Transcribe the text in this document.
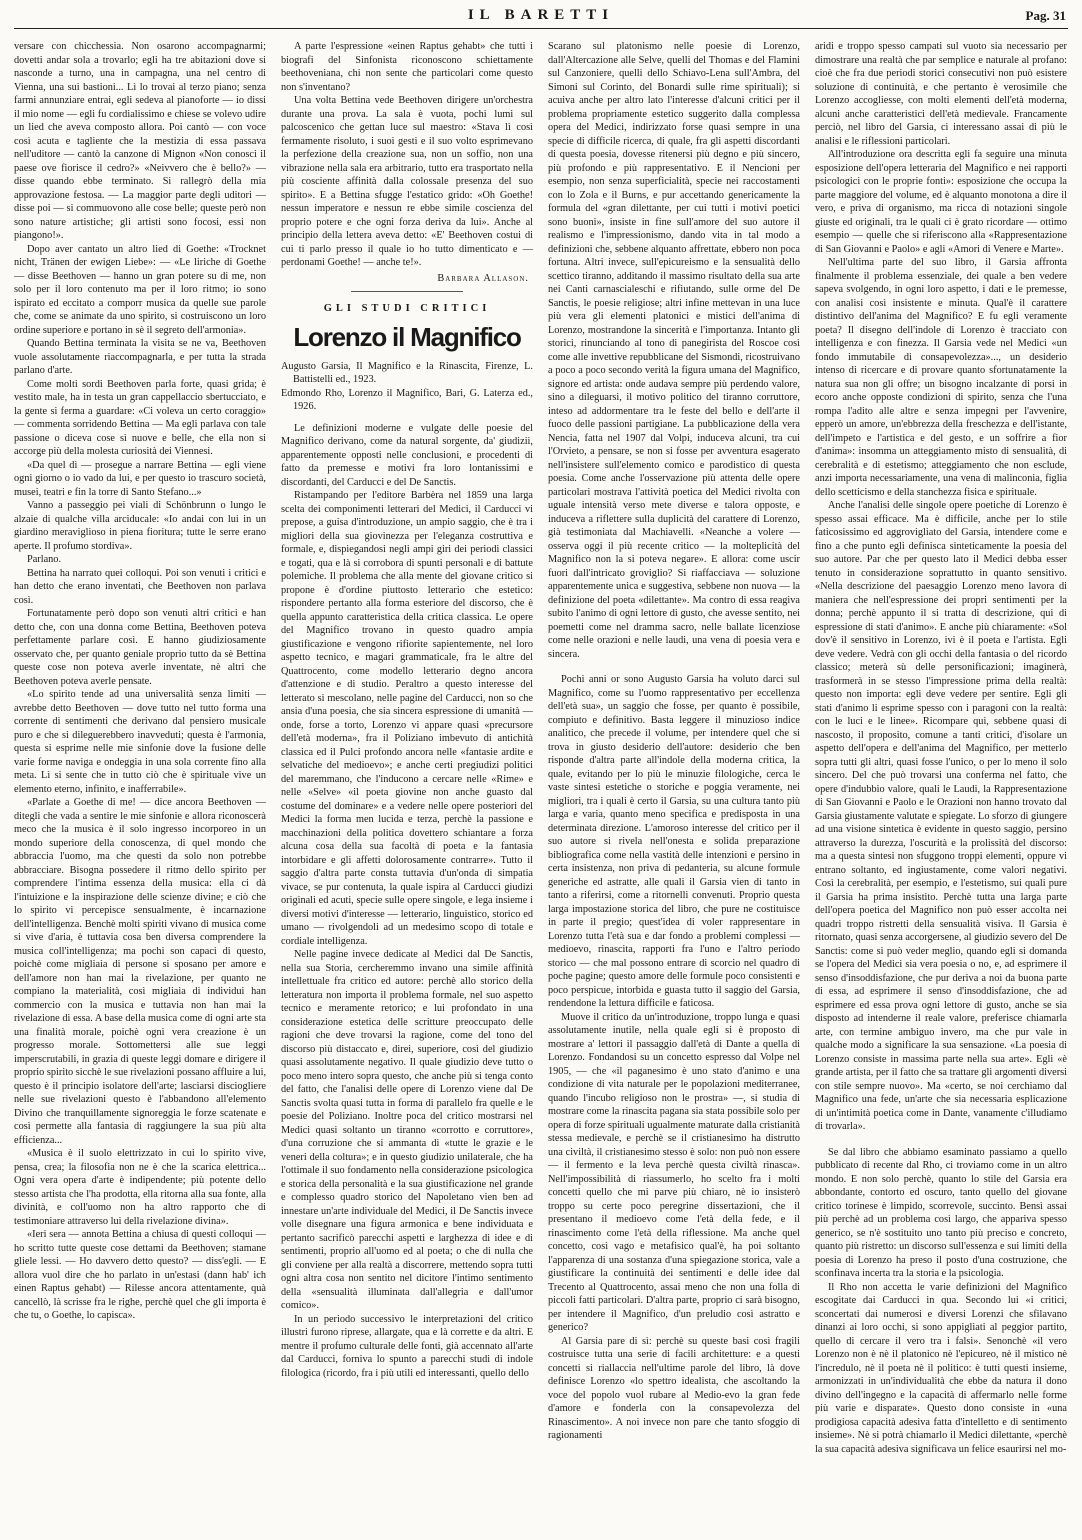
IL BARETTI	Pag. 31

versare con chicchessia. Non osarono accompagnarmi; dovetti andar sola a trovarlo; egli ha tre abitazioni dove si nasconde a turno, una in campagna, una nel centro di Vienna, una sui bastioni... Lì lo trovai al terzo piano; senza farmi annunziare entrai, egli sedeva al pianoforte — io dissi il mio nome — egli fu cordialissimo e chiese se volevo udire un lied che aveva composto allora. Poi cantò — con voce così acuta e tagliente che la mestizia di essa passava nell'uditore — cantò la canzone di Mignon «Non conosci il paese ove fiorisce il cedro?» «Neivvero che è bello?» — disse quando ebbe terminato. Si rallegrò della mia approvazione festosa. — La maggior parte degli uditori — disse poi — si commuovono alle cose belle; queste però non sono nature artistiche; gli artisti sono focosi, essi non piangono!».

Dopo aver cantato un altro lied di Goethe: «Trocknet nicht, Tränen der ewigen Liebe»: — «Le liriche di Goethe — disse Beethoven — hanno un gran potere su di me, non solo per il loro contenuto ma per il loro ritmo; io sono ispirato ed eccitato a comporr musica da quelle sue parole che, come se animate da uno spirito, si costruiscono un loro ordine superiore e portano in sè il segreto dell'armonia».

Quando Bettina terminata la visita se ne va, Beethoven vuole assolutamente riaccompagnarla, e per tutta la strada parlano d'arte.

Come molti sordi Beethoven parla forte, quasi grida; è vestito male, ha in testa un gran cappellaccio sbertucciato, e la gente si ferma a guardare: «Ci voleva un certo coraggio» — commenta sorridendo Bettina — Ma egli parlava con tale passione o diceva cose sì nuove e belle, che ella non si accorge più della molesta curiosità dei Viennesi.

«Da quel dì — prosegue a narrare Bettina — egli viene ogni giorno o io vado da lui, e per questo io trascuro società, musei, teatri e fin la torre di Santo Stefano...»

Vanno a passeggio pei viali di Schönbrunn o lungo le alzaie di qualche villa arciducale: «Io andai con lui in un giardino meraviglioso in piena fioritura; tutte le serre erano aperte. Il profumo stordiva».

Parlano.

Bettina ha narrato quei colloqui. Poi son venuti i critici e han detto che erano inventati, che Beethoven non parlava così.

Fortunatamente però dopo son venuti altri critici e han detto che, con una donna come Bettina, Beethoven poteva perfettamente parlare così. E hanno giudiziosamente osservato che, per quanto geniale proprio tutto da sè Bettina queste cose non poteva averle inventate, nè altri che Beethoven poteva averle pensate.

«Lo spirito tende ad una universalità senza limiti — avrebbe detto Beethoven — dove tutto nel tutto forma una corrente di sentimenti che derivano dal pensiero musicale puro e che si dileguerebbero inavveduti; questa è l'armonia, questa si esprime nelle mie sinfonie dove la fusione delle varie forme naviga e ondeggia in una sola corrente fino alla meta. Lì si sente che in tutto ciò che è spirituale vive un elemento eterno, infinito, e inafferrabile».

«Parlate a Goethe di me! — dice ancora Beethoven — ditegli che vada a sentire le mie sinfonie e allora riconoscerà meco che la musica è il solo ingresso incorporeo in un mondo superiore della conoscenza, di quel mondo che abbraccia l'uomo, ma che questi da solo non potrebbe abbracciare. Bisogna possedere il ritmo dello spirito per comprendere l'intima essenza della musica: ella ci dà l'intuizione e la inspirazione delle scienze divine; e ciò che lo spirito vi percepisce sensualmente, è incarnazione dell'intelligenza. Benchè molti spiriti vivano di musica come si vive d'aria, è tuttavia cosa ben diversa comprendere la musica coll'intelligenza; ma pochi son capaci di questo, poichè come migliaia di persone si sposano per amore e dell'amore non han mai la rivelazione, per quanto ne compiano la materialità, così migliaia di individui han commercio con la musica e tuttavia non han mai la rivelazione di essa. A base della musica come di ogni arte sta una finalità morale, poichè ogni vera creazione è un progresso morale. Sottomettersi alle sue leggi imperscrutabili, in grazia di queste leggi domare e dirigere il proprio spirito sicchè le sue rivelazioni possano affluire a lui, questo è il principio isolatore dell'arte; lasciarsi disciogliere nelle sue rivelazioni questo è l'abbandono all'elemento Divino che tranquillamente signoreggia le forze scatenate e così permette alla fantasia di raggiungere la sua più alta efficienza...

«Musica è il suolo elettrizzato in cui lo spirito vive, pensa, crea; la filosofia non ne è che la scarica elettrica... Ogni vera opera d'arte è indipendente; più potente dello stesso artista che l'ha prodotta, ella ritorna alla sua fonte, alla divinità, e coll'uomo non ha altro rapporto che di testimoniare attraverso lui della rivelazione divina».

«Ieri sera — annota Bettina a chiusa di questi colloqui — ho scritto tutte queste cose dettami da Beethoven; stamane gliele lessi. — Ho davvero detto questo? — diss'egli. — E allora vuol dire che ho parlato in un'estasi (dann hab' ich einen Raptus gehabt) — Rilesse ancora attentamente, quà cancellò, là scrisse fra le righe, perchè quel che gli importa è che tu, o Goethe, lo capisca».

A parte l'espressione «einen Raptus gehabt» che tutti i biografi del Sinfonista riconoscono schiettamente beethoveniana, chi non sente che particolari come questo non s'inventano?

Una volta Bettina vede Beethoven dirigere un'orchestra durante una prova. La sala è vuota, pochi lumi sul palcoscenico che gettan luce sul maestro: «Stava lì così fermamente risoluto, i suoi gesti e il suo volto esprimevano la perfezione della creazione sua, non un soffio, non una vibrazione nella sala era arbitrario, tutto era trasportato nella più cosciente affinità dalla colossale presenza del suo spirito». E a Bettina sfugge l'estatico grido: «Oh Goethe! nessun imperatore e nessun re ebbe simile coscienza del proprio potere e che ogni forza deriva da lui». Anche al principio della lettera aveva detto: «E' Beethoven costui di cui ti parlo presso il quale io ho tutto dimenticato e — perdonami Goethe! — anche te!».

Barbara Allason.
GLI STUDI CRITICI
Lorenzo il Magnifico

Augusto Garsia, Il Magnifico e la Rinascita, Firenze, L. Battistelli ed., 1923.

Edmondo Rho, Lorenzo il Magnifico, Bari, G. Laterza ed., 1926.

Le definizioni moderne e vulgate delle poesie del Magnifico derivano, come da natural sorgente, da' giudizii, apparentemente opposti nelle conclusioni, e procedenti di fatto da premesse e motivi fra loro lontanissimi e discordanti, del Carducci e del De Sanctis.

Ristampando per l'editore Barbèra nel 1859 una larga scelta dei componimenti letterari del Medici, il Carducci vi prepose, a guisa d'introduzione, un ampio saggio, che è tra i migliori della sua giovinezza per l'eleganza costruttiva e formale, e, dispiegandosi negli ampi giri dei periodi classici e togati, qua e là si corrobora di spunti personali e di battute polemiche. Il problema che alla mente del giovane critico si propone è d'ordine piuttosto letterario che estetico: rispondere pertanto alla forma esteriore del discorso, che è quella appunto caratteristica della critica classica. Le opere del Magnifico trovano in questo quadro ampia giustificazione e vengono rifiorite sapientemente, nel loro aspetto tecnico, e magari grammaticale, fra le altre del Quattrocento, come modello letterario degno ancora d'attenzione e di studio. Peraltro a questo interesse del letterato si mescolano, nelle pagine del Carducci, non so che ansia d'una poesia, che sia sincera espressione di umanità — onde, forse a torto, Lorenzo vi appare quasi «precursore dell'età moderna», fra il Poliziano imbevuto di antichità classica ed il Pulci profondo ancora nelle «fantasie ardite e selvatiche del medioevo»; e anche certi pregiudizi politici del maremmano, che l'inducono a cercare nelle «Rime» e nelle «Selve» «il poeta giovine non anche guasto dal costume del dominare» e a vedere nelle opere posteriori del Medici la forma men lucida e terza, perchè la passione e macchinazioni della politica dovettero schiantare a forza alcuna cosa della sua facoltà di poeta e la fantasia intorbidare e gli affetti dolorosamente contrarre». Tutto il saggio d'altra parte consta tuttavia d'un'onda di simpatia vivace, se pur contenuta, la quale ispira al Carducci giudizi originali ed acuti, specie sulle opere singole, e lega insieme i diversi motivi d'interesse — letterario, linguistico, storico ed umano — rivolgendoli ad un medesimo scopo di totale e cordiale intelligenza.

Nelle pagine invece dedicate al Medici dal De Sanctis, nella sua Storia, cercheremmo invano una simile affinità intellettuale fra critico ed autore: perchè allo storico della letteratura non importa il problema formale, nel suo aspetto tecnico e meramente retorico; e lui profondato in una considerazione estetica delle scritture preoccupato delle ragioni che deve trovarsi la ragione, come del tono del discorso più distaccato e, direi, superiore, così del giudizio quasi assolutamente negativo. Il quale giudizio deve tutto o poco meno intero sopra questo, che anche più si tenga conto del fatto, che l'analisi delle opere di Lorenzo viene dal De Sanctis svolta quasi tutta in forma di parallelo fra quelle e le poesie del Poliziano. Inoltre poca del critico mostrarsi nel Medici quasi soltanto un tiranno «corrotto e corruttore», d'una corruzione che si ammanta di «tutte le grazie e le veneri della coltura»; e in questo giudizio unilaterale, che ha l'ottimale il suo fondamento nella considerazione psicologica e storica della personalità e la sua giustificazione nel grande e complesso quadro storico del Napoletano vien ben ad innestare un'arte individuale del Medici, il De Sanctis invece volle disegnare una figura armonica e bene individuata e pertanto sacrificò parecchi aspetti e larghezza di idee e di sentimenti, proprio all'uomo ed al poeta; o che di nulla che gli conviene per alla realtà a discorrere, mettendo sopra tutti ogni altra cosa non sentito nel dicitore l'intimo sentimento della «sensualità illuminata dall'allegria e dall'umor comico».

In un periodo successivo le interpretazioni del critico illustri furono riprese, allargate, qua e là corrette e da altri. E mentre il profumo culturale delle fonti, già accennato all'arte dal Carducci, forniva lo spunto a parecchi studi di indole filologica (ricordo, fra i più utili ed interessanti, quello dello

Scarano sul platonismo nelle poesie di Lorenzo, dall'Altercazione alle Selve, quelli del Thomas e del Flamini sul Canzoniere, quelli dello Schiavo-Lena sull'Ambra, del Simoni sul Corinto, del Bonardi sulle rime spirituali); si acuiva anche per altro lato l'interesse d'alcuni critici per il problema propriamente estetico suggerito dalla complessa opera del Medici, indirizzato forse quasi sempre in una specie di difficile ricerca, di quale, fra gli aspetti discordanti di questa poesia, dovesse ritenersi più degno e più sincero, più profondo e più rappresentativo. E il Nencioni per esempio, non senza superficialità, specie nei raccostamenti con lo Zola e il Burns, e pur accettando genericamente la formula del «gran dilettante, per cui tutti i motivi poetici sono buoni», insiste in fine sull'amore del suo autore il realismo e l'impressionismo, dando vita in tal modo a definizioni che, sebbene alquanto affrettate, ebbero non poca fortuna. Altri invece, sull'epicureismo e la sensualità dello scettico tiranno, additando il massimo risultato della sua arte nei Canti carnascialeschi e rifiutando, sulle orme del De Sanctis, le poesie religiose; altri infine mettevan in una luce più vera gli elementi platonici e mistici dell'anima di Lorenzo, mostrandone la sincerità e l'importanza. Intanto gli storici, rinunciando al tono di panegirista del Roscoe così come alle invettive repubblicane del Sismondi, ricostruivano a poco a poco secondo verità la figura umana del Magnifico, signore ed artista: onde audava sempre più perdendo valore, sino a dileguarsi, il motivo politico del tiranno corruttore, inteso ad addormentare tra le feste del bello e dell'arte il fuoco delle passioni partigiane. La pubblicazione della vera Nencia, fatta nel 1907 dal Volpi, induceva alcuni, tra cui l'Orvieto, a pensare, se non si fosse per avventura esagerato nell'insistere sull'elemento comico e parodistico di questa poesia. Come anche l'osservazione più attenta delle opere particolari mostrava l'attività poetica del Medici rivolta con uguale intensità verso mete diverse e talora opposte, e induceva a riflettere sulla duplicità del carattere di Lorenzo, già testimoniata dal Machiavelli. «Neanche a volere — osserva oggi il più recente critico — la molteplicità del Magnifico non la si poteva negare». E allora: come uscir fuori dall'intricato groviglio? Si riaffacciava — soluzione apparentemente unica e suggestiva, sebbene non nuova — la definizione del poeta «dilettante». Ma contro di essa reagiva subito l'animo di ogni lettore di gusto, che avesse sentito, nei poemetti come nel dramma sacro, nelle ballate licenziose come nelle orazioni e nelle laudi, una vena di poesia vera e sincera.

Pochi anni or sono Augusto Garsia ha voluto darci sul Magnifico, come su l'uomo rappresentativo per eccellenza dell'età sua», un saggio che fosse, per quanto è possibile, compiuto e definitivo. Basta leggere il minuzioso indice analitico, che precede il volume, per intendere quel che si trova in giusto desiderio dell'autore: desiderio che ben risponde d'altra parte all'indole della moderna critica, la quale, evitando per lo più le minuzie filologiche, cerca le vaste sintesi estetiche o storiche e poggia veramente, nei migliori, tra i quali è certo il Garsia, su una cultura tanto più larga e varia, quanto meno specifica e predisposta in una determinata direzione. L'amoroso interesse del critico per il suo autore si rivela nell'onesta e solida preparazione bibliografica come nella vastità delle intenzioni e persino in certa insistenza, non priva di pedanteria, su alcune formule generiche ed astratte, alle quali il Garsia vien di tanto in tanto a riferirsi, come a ritornelli convenuti. Proprio questa larga impostazione storica del libro, che pure ne costituisce in parte il pregio; quest'idea di voler rappresentare in Lorenzo tutta l'età sua e dar fondo a problemi complessi — medioevo, rinascita, rapporti fra l'uno e l'altro periodo storico — che mal possono entrare di scorcio nel quadro di poche pagine; questo amore delle formule poco consistenti e poco perspicue, intorbida e guasta tutto il saggio del Garsia, rendendone la lettura difficile e faticosa.

Muove il critico da un'introduzione, troppo lunga e quasi assolutamente inutile, nella quale egli si è proposto di mostrare a' lettori il passaggio dall'età di Dante a quella di Lorenzo. Fondandosi su un concetto espresso dal Volpe nel 1905, — che «il paganesimo è uno stato d'animo e una condizione di vita naturale per le popolazioni mediterranee, quando l'incubo religioso non le prostra» —, si studia di mostrare come la rinascita pagana sia stata possibile solo per opera di forze spirituali ugualmente maturate dalla cristianità stessa medievale, e perchè se il cristianesimo ha distrutto una civiltà, il cristianesimo stesso è solo: non può non essere — il fermento e la leva perchè questa civiltà rinasca». Nell'impossibilità di riassumerlo, ho scelto fra i molti concetti quello che mi parve più chiaro, nè io insisterò troppo su certe poco peregrine dissertazioni, che il presentano il medioevo come l'età della fede, e il rinascimento come l'età della riflessione. Ma anche quel concetto, così vago e metafisico qual'è, ha poi soltanto l'apparenza di una sostanza d'una spiegazione storica, vale a giustificare la continuità dei sentimenti e delle idee dal Trecento al Quattrocento, assai meno che non una folla di piccoli fatti particolari. D'altra parte, proprio ci sarà bisogno, per intendere il Magnifico, d'un preludio così astratto e generico?

Al Garsia pare di sì: perchè su queste basi così fragili costruisce tutta una serie di facili architetture: e a questi concetti si riallaccia nell'ultime parole del libro, là dove definisce Lorenzo «lo spettro idealista, che ascoltando la voce del popolo vuol rubare al Medio-evo la gran fede d'amore e fonderla con la consapevolezza del Rinascimento». A noi invece non pare che tanto sfoggio di ragionamenti

aridi e troppo spesso campati sul vuoto sia necessario per dimostrare una realtà che par semplice e naturale al profano: cioè che fra due periodi storici consecutivi non può esistere soluzione di continuità, e che pertanto è verosimile che Lorenzo accogliesse, con molti elementi dell'età moderna, alcuni anche caratteristici dell'età medievale. Francamente perciò, nel libro del Garsia, ci interessano assai di più le analisi e le riflessioni particolari.

All'introduzione ora descritta egli fa seguire una minuta esposizione dell'opera letteraria del Magnifico e nei rapporti psicologici con le proprie fonti»: esposizione che occupa la parte maggiore del volume, ed è alquanto monotona a dire il vero, e priva di organismo, ma ricca di notazioni singole giuste ed originali, tra le quali ci è grato ricordare — ottimo esempio — quelle che si riferiscono alla «Rappresentazione di San Giovanni e Paolo» e agli «Amori di Venere e Marte».

Nell'ultima parte del suo libro, il Garsia affronta finalmente il problema essenziale, dei quale a ben vedere sapeva svolgendo, in ogni loro aspetto, i dati e le premesse, con analisi così insistente e minuta. Qual'è il carattere distintivo dell'anima del Magnifico? E fu egli veramente poeta? Il disegno dell'indole di Lorenzo è tracciato con intelligenza e con finezza. Il Garsia vede nel Medici «un fondo immutabile di consapevolezza»..., un desiderio intenso di ricercare e di provare quanto sfortunatamente la natura sua non gli offre; un bisogno incalzante di porsi in ecoro anche opposte condizioni di spirito, senza che l'una rompa l'adito alle altre e senza impegni per l'avvenire, epperò un amore, un'ebbrezza della freschezza e dell'istante, dell'impeto e l'artistica e del gesto, e un soffrire a fior d'anima»: insomma un atteggiamento misto di sensualità, di cerebralità e di estetismo; atteggiamento che non esclude, anzi importa necessariamente, una vena di malinconia, figlia dello scetticismo e della stanchezza fisica e spirituale.

Anche l'analisi delle singole opere poetiche di Lorenzo è spesso assai efficace. Ma è difficile, anche per lo stile faticosissimo ed aggrovigliato del Garsia, intendere come e fino a che punto egli definisca sinteticamente la poesia del suo autore. Par che per questo lato il Medici debba esser tenuto in considerazione soprattutto in quanto sensitivo. «Nella descrizione del paesaggio Lorenzo meno lavora di maniera che nell'espressione dei propri sentimenti per la donna; perchè appunto il si tratta di descrizione, qui di espressione di stati d'animo». E anche più chiaramente: «Sol dov'è il sensitivo in Lorenzo, ivi è il poeta e l'artista. Egli deve vedere. Vedrà con gli occhi della fantasia o del ricordo classico; meterà sù delle personificazioni; imaginerà, trasformerà in se stesso l'impressione prima della realtà: questo non importa: egli deve vedere per sentire. Egli gli stati d'animo li esprime spesso con i paragoni con la realtà: con le luci e le linee». Ricompare qui, sebbene quasi di nascosto, il proposito, comune a tanti critici, d'isolare un aspetto dell'opera e dell'anima del Magnifico, per metterlo sopra tutti gli altri, quasi fosse l'unico, o per lo meno il solo sincero. Del che può trovarsi una conferma nel fatto, che opere d'indubbio valore, quali le Laudi, la Rappresentazione di San Giovanni e Paolo e le Orazioni non hanno trovato dal Garsia giustamente valutate e spiegate. Lo sforzo di giungere ad una visione sintetica è evidente in questo saggio, persino attraverso la durezza, l'oscurità e la prolissità del discorso: ma a questa sintesi non sfuggono troppi elementi, oppure vi entrano soltanto, ed ingiustamente, come valori negativi. Così la cerebralità, per esempio, e l'estetismo, sui quali pure il Garsia ha prima insistito. Perchè tutta una larga parte dell'opera poetica del Magnifico non può esser accolta nei quadri troppo ristretti della sensualità visiva. Il Garsia è ritornato, quasi senza accorgersene, al giudizio severo del De Sanctis: come si può veder meglio, quando egli si domanda se l'opera del Medici sia vera poesia o no, e, ad esprimere il senso d'insoddisfazione, che pur deriva a noi da buona parte di essa, ad esprimere il senso d'insoddisfazione, che ad esprimere ed essa prova ogni lettore di gusto, anche se sia disposto ad intenderne il reale valore, preferisce chiamarla arte, con termine ambiguo invero, ma che pur vale in qualche modo a significare la sua sensazione. «La poesia di Lorenzo consiste in massima parte nella sua arte». Egli «è grande artista, per il fatto che sa trattare gli argomenti diversi con stile sempre nuovo». Ma «certo, se noi cerchiamo dal Magnifico una fede, un'arte che sia necessaria esplicazione di un'intimità poetica come in Dante, vanamente c'illudiamo di trovarla».

Se dal libro che abbiamo esaminato passiamo a quello pubblicato di recente dal Rho, ci troviamo come in un altro mondo. E non solo perchè, quanto lo stile del Garsia era abbondante, contorto ed oscuro, tanto quello del giovane critico torinese è limpido, scorrevole, succinto. Bensì assai più perchè ad un problema così largo, che appariva spesso generico, se n'è sostituito uno tanto più preciso e concreto, quanto più ristretto: un discorso sull'essenza e sui limiti della poesia di Lorenzo ha preso il posto d'una costruzione, che sconfinava incerta tra la storia e la psicologia.

Il Rho non accetta le varie definizioni del Magnifico escogitate dai Carducci in qua. Secondo lui «i critici, sconcertati dai numerosi e diversi Lorenzi che sfilavano dinanzi ai loro occhi, si sono appigliati al peggior partito, quello di cercare il vero tra i falsi». Senonchè «il vero Lorenzo non è nè il platonico nè l'epicureo, nè il mistico nè l'incredulo, nè il poeta nè il politico: è tutti questi insieme, armonizzati in un'individualità che ebbe da natura il dono divino dell'ingegno e la capacità di affermarlo nelle forme più varie e disparate». Questo dono consiste in «una prodigiosa capacità adesiva fatta d'intelletto e di sentimento insieme». Nè si potrà chiamarlo il Medici dilettante, «perchè la sua capacità adesiva significava un felice esaurirsi nel mo-
